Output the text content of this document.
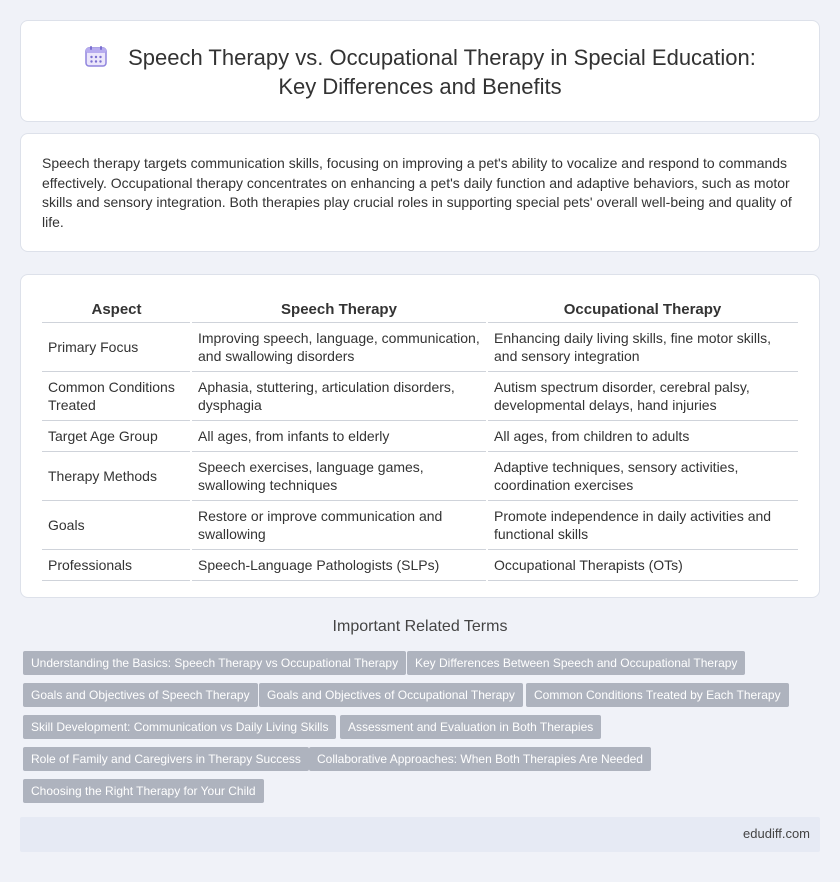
Speech Therapy vs. Occupational Therapy in Special Education:
Key Differences and Benefits

Speech therapy targets communication skills, focusing on improving a pet's ability to vocalize and respond to commands effectively. Occupational therapy concentrates on enhancing a pet's daily function and adaptive behaviors, such as motor skills and sensory integration. Both therapies play crucial roles in supporting special pets' overall well-being and quality of life.

Aspect	Speech Therapy	Occupational Therapy
Primary Focus	Improving speech, language, communication, and swallowing disorders	Enhancing daily living skills, fine motor skills, and sensory integration
Common Conditions Treated	Aphasia, stuttering, articulation disorders, dysphagia	Autism spectrum disorder, cerebral palsy, developmental delays, hand injuries
Target Age Group	All ages, from infants to elderly	All ages, from children to adults
Therapy Methods	Speech exercises, language games, swallowing techniques	Adaptive techniques, sensory activities, coordination exercises
Goals	Restore or improve communication and swallowing	Promote independence in daily activities and functional skills
Professionals	Speech-Language Pathologists (SLPs)	Occupational Therapists (OTs)
Important Related Terms
Understanding the Basics: Speech Therapy vs Occupational Therapy	Key Differences Between Speech and Occupational Therapy
Goals and Objectives of Speech Therapy	Goals and Objectives of Occupational Therapy	Common Conditions Treated by Each Therapy
Skill Development: Communication vs Daily Living Skills	Assessment and Evaluation in Both Therapies
Role of Family and Caregivers in Therapy Success	Collaborative Approaches: When Both Therapies Are Needed
Choosing the Right Therapy for Your Child
edudiff.com
